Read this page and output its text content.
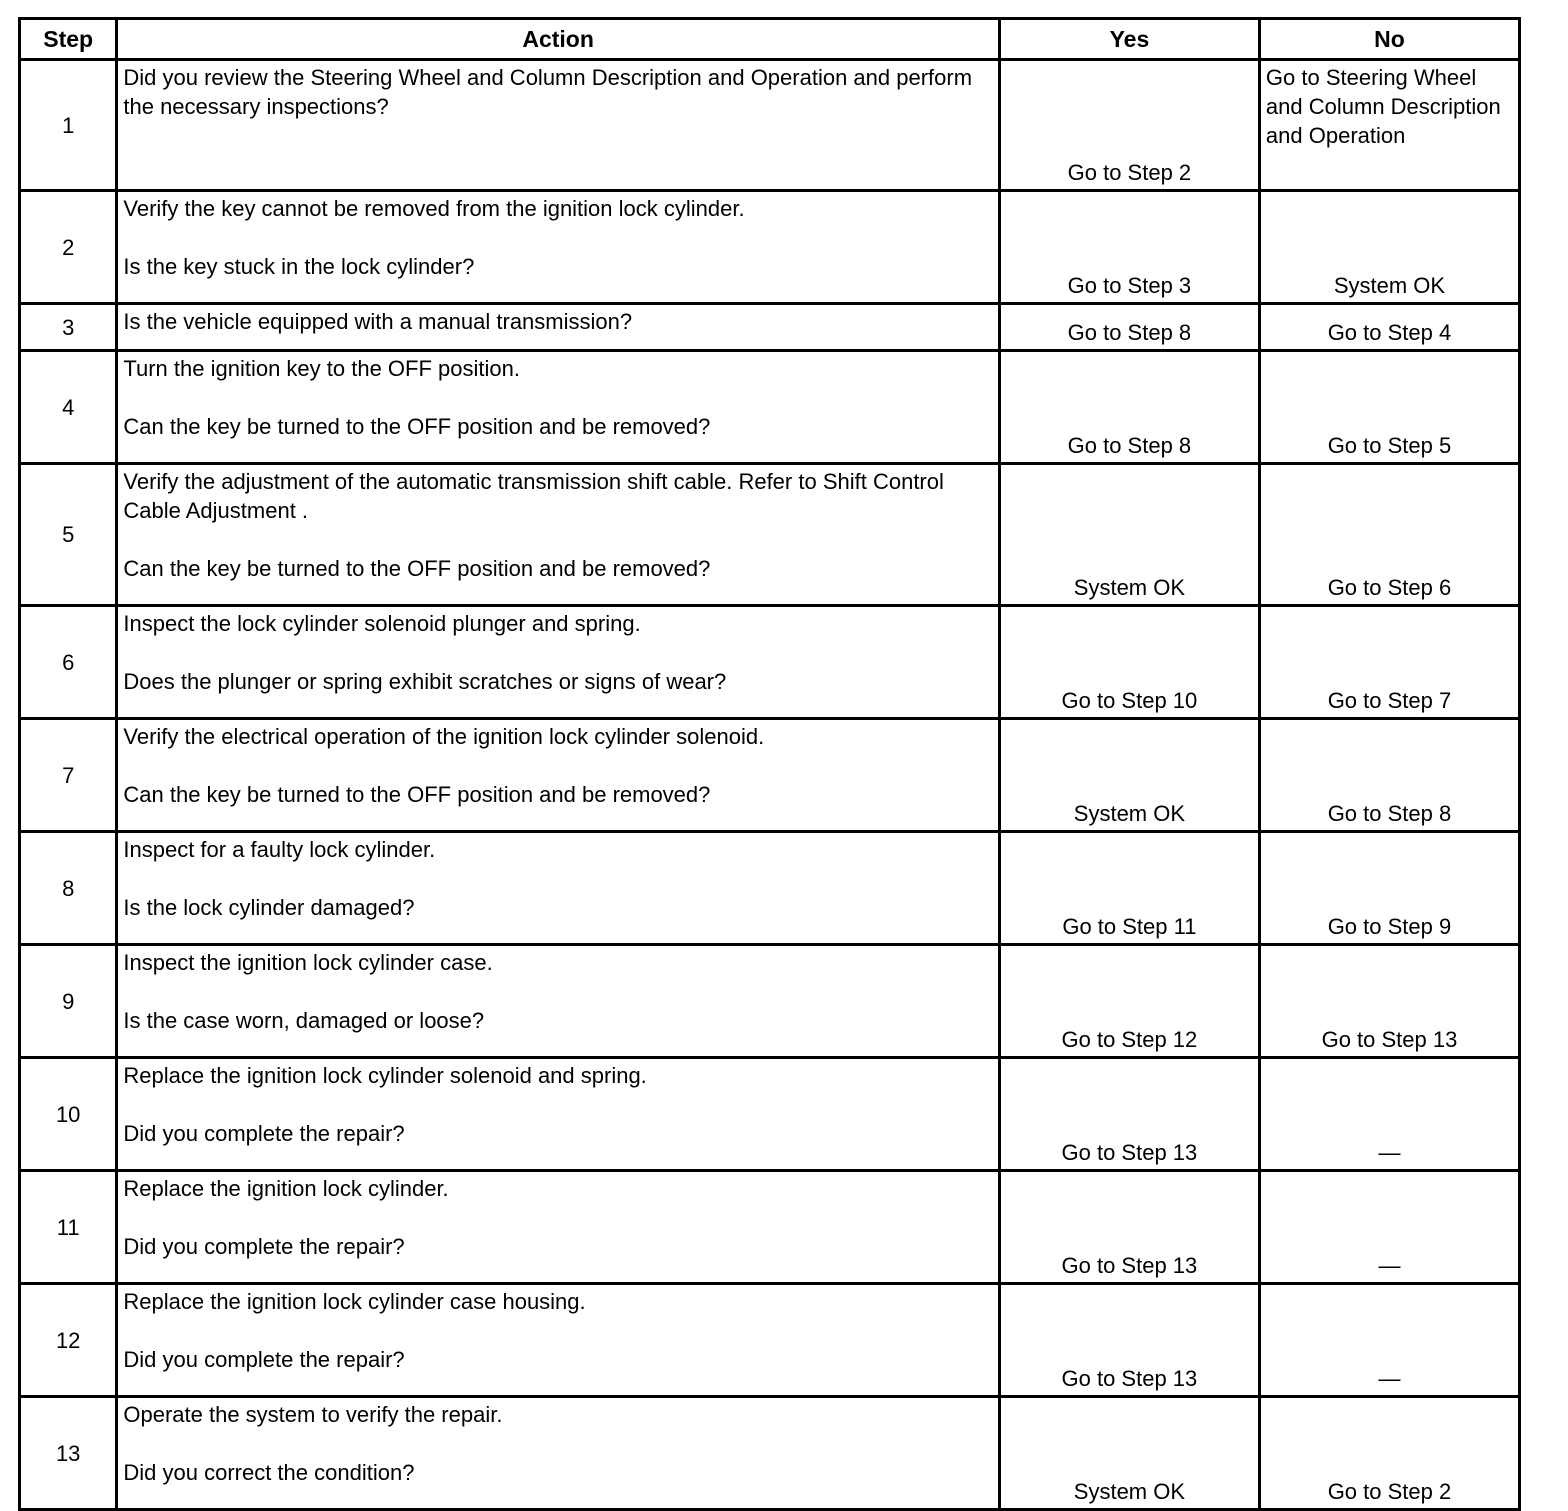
Step	Action	Yes	No
1	Did you review the Steering Wheel and Column Description and Operation and perform the necessary inspections?	Go to Step 2	Go to Steering Wheel and Column Description and Operation
2	Verify the key cannot be removed from the ignition lock cylinder.
Is the key stuck in the lock cylinder?	Go to Step 3	System OK
3	Is the vehicle equipped with a manual transmission?	Go to Step 8	Go to Step 4
4	Turn the ignition key to the OFF position.
Can the key be turned to the OFF position and be removed?	Go to Step 8	Go to Step 5
5	Verify the adjustment of the automatic transmission shift cable. Refer to Shift Control Cable Adjustment .
Can the key be turned to the OFF position and be removed?	System OK	Go to Step 6
6	Inspect the lock cylinder solenoid plunger and spring.
Does the plunger or spring exhibit scratches or signs of wear?	Go to Step 10	Go to Step 7
7	Verify the electrical operation of the ignition lock cylinder solenoid.
Can the key be turned to the OFF position and be removed?	System OK	Go to Step 8
8	Inspect for a faulty lock cylinder.
Is the lock cylinder damaged?	Go to Step 11	Go to Step 9
9	Inspect the ignition lock cylinder case.
Is the case worn, damaged or loose?	Go to Step 12	Go to Step 13
10	Replace the ignition lock cylinder solenoid and spring.
Did you complete the repair?	Go to Step 13	—
11	Replace the ignition lock cylinder.
Did you complete the repair?	Go to Step 13	—
12	Replace the ignition lock cylinder case housing.
Did you complete the repair?	Go to Step 13	—
13	Operate the system to verify the repair.
Did you correct the condition?	System OK	Go to Step 2
